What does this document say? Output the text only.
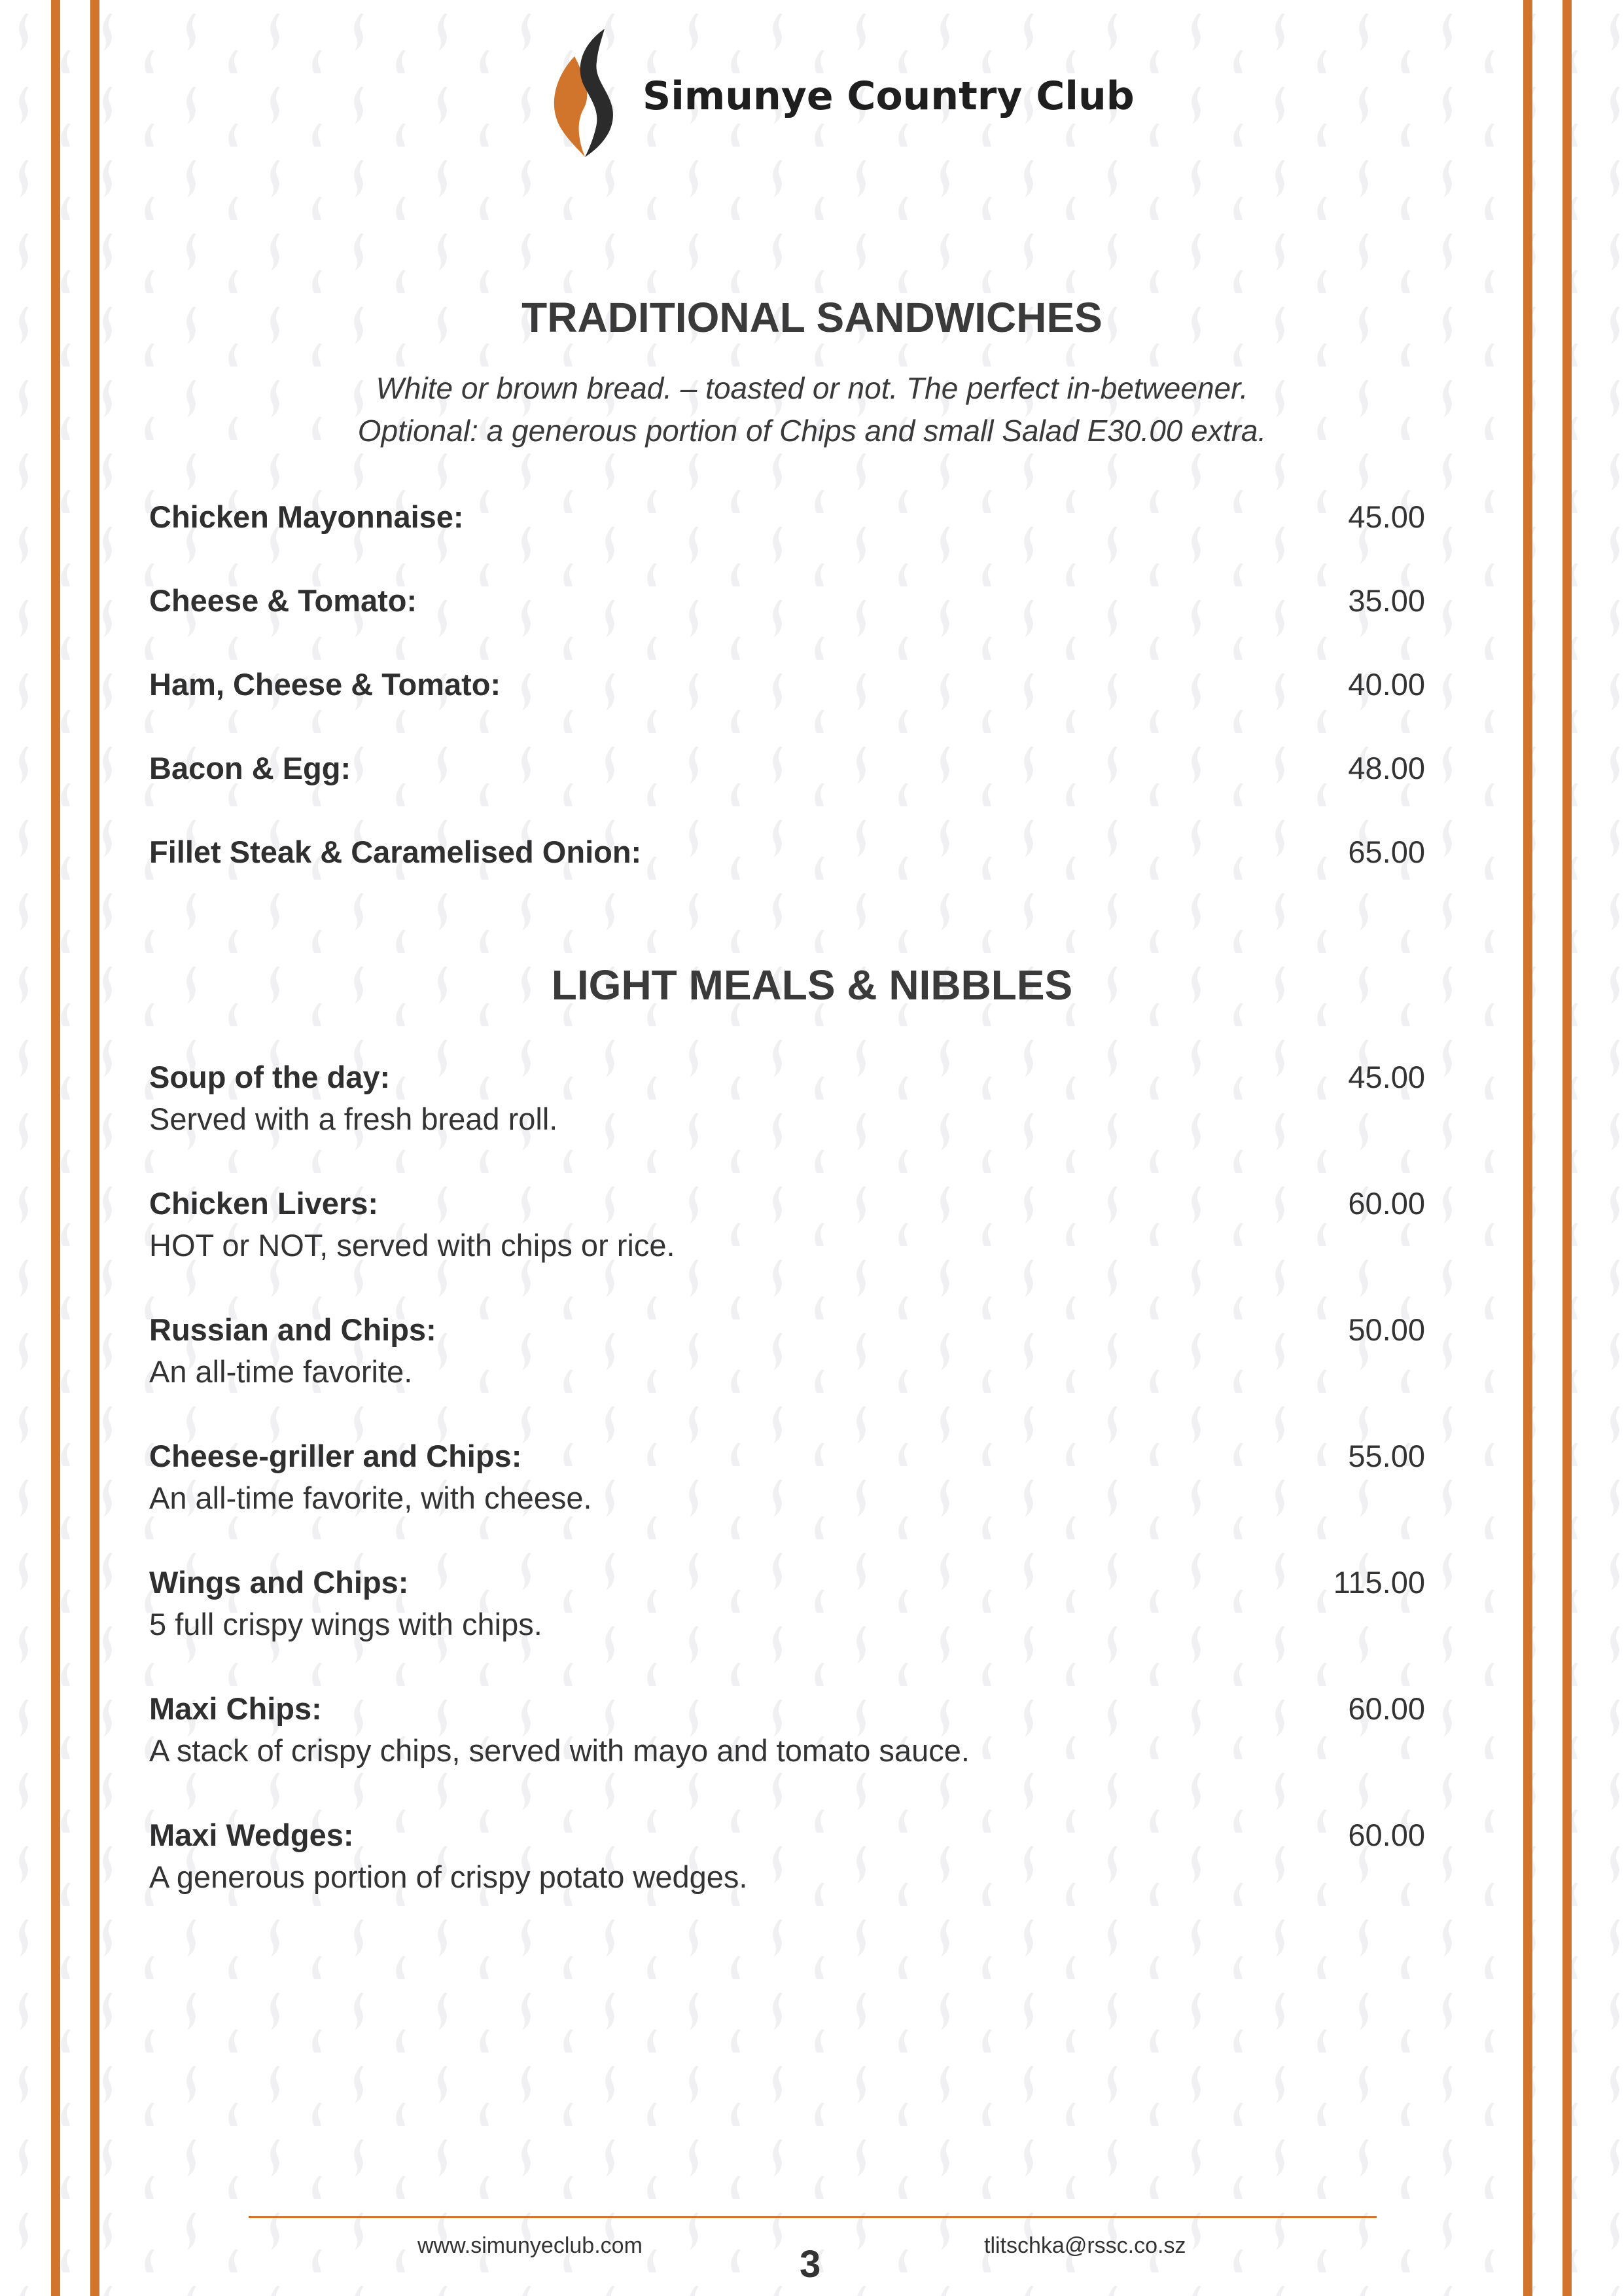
Simunye Country Club
TRADITIONAL SANDWICHES
White or brown bread. – toasted or not. The perfect in-betweener.
Optional: a generous portion of Chips and small Salad E30.00 extra.
Chicken Mayonnaise:	45.00
Cheese & Tomato:	35.00
Ham, Cheese & Tomato:	40.00
Bacon & Egg:	48.00
Fillet Steak & Caramelised Onion:	65.00
LIGHT MEALS & NIBBLES
Soup of the day:
Served with a fresh bread roll.
45.00
Chicken Livers:
HOT or NOT, served with chips or rice.
60.00
Russian and Chips:
An all-time favorite.
50.00
Cheese-griller and Chips:
An all-time favorite, with cheese.
55.00
Wings and Chips:
5 full crispy wings with chips.
115.00
Maxi Chips:
A stack of crispy chips, served with mayo and tomato sauce.
60.00
Maxi Wedges:
A generous portion of crispy potato wedges.
60.00
www.simunyeclub.com	3	tlitschka@rssc.co.sz
